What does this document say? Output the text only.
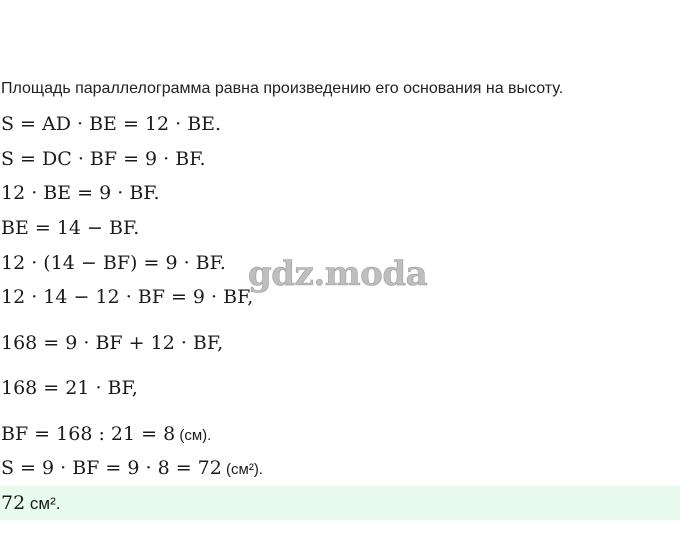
Площадь параллелограмма равна произведению его основания на высоту.
S = AD · BE = 12 · BE.
S = DC · BF = 9 · BF.
12 · BE = 9 · BF.
BE = 14 − BF.
12 · (14 − BF) = 9 · BF.
12 · 14 − 12 · BF = 9 · BF,
168 = 9 · BF + 12 · BF,
168 = 21 · BF,
BF = 168 : 21 = 8 (см).
S = 9 · BF = 9 · 8 = 72 (см²).
72 см².
gdz.moda
